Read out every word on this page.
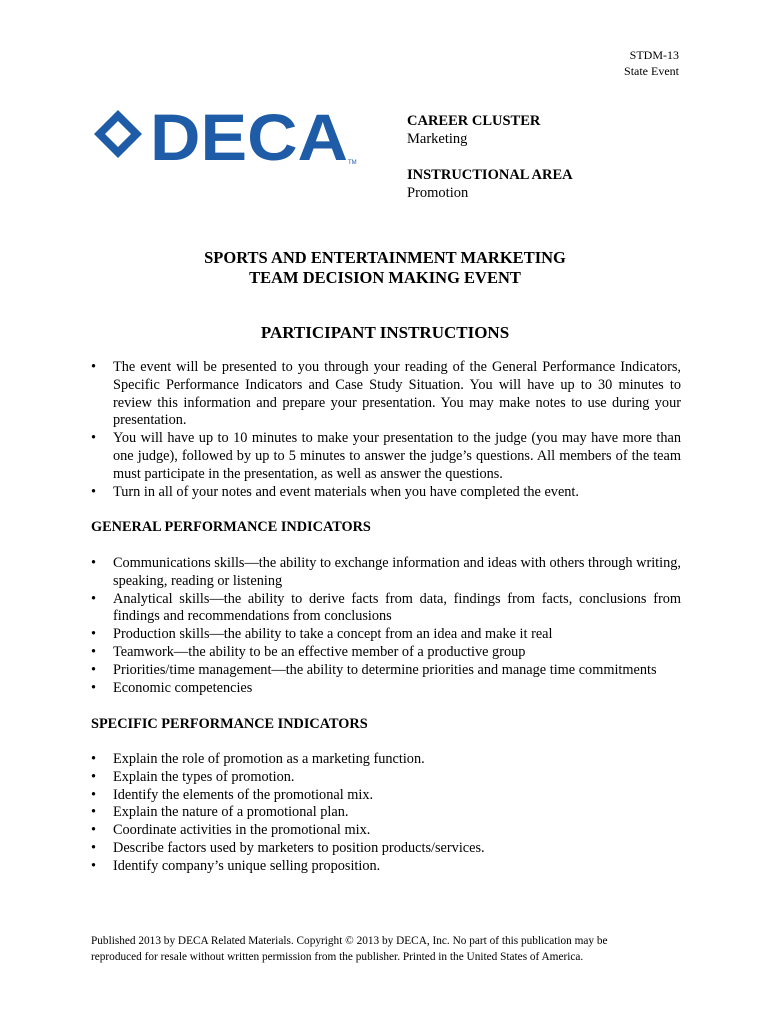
STDM-13
State Event
DECA TM
CAREER CLUSTER
Marketing
INSTRUCTIONAL AREA
Promotion
SPORTS AND ENTERTAINMENT MARKETING
TEAM DECISION MAKING EVENT
PARTICIPANT INSTRUCTIONS
• The event will be presented to you through your reading of the General Performance Indicators, Specific Performance Indicators and Case Study Situation. You will have up to 30 minutes to review this information and prepare your presentation. You may make notes to use during your presentation.
• You will have up to 10 minutes to make your presentation to the judge (you may have more than one judge), followed by up to 5 minutes to answer the judge’s questions. All members of the team must participate in the presentation, as well as answer the questions.
• Turn in all of your notes and event materials when you have completed the event.
GENERAL PERFORMANCE INDICATORS
• Communications skills—the ability to exchange information and ideas with others through writing, speaking, reading or listening
• Analytical skills—the ability to derive facts from data, findings from facts, conclusions from findings and recommendations from conclusions
• Production skills—the ability to take a concept from an idea and make it real
• Teamwork—the ability to be an effective member of a productive group
• Priorities/time management—the ability to determine priorities and manage time commitments
• Economic competencies
SPECIFIC PERFORMANCE INDICATORS
• Explain the role of promotion as a marketing function.
• Explain the types of promotion.
• Identify the elements of the promotional mix.
• Explain the nature of a promotional plan.
• Coordinate activities in the promotional mix.
• Describe factors used by marketers to position products/services.
• Identify company’s unique selling proposition.
Published 2013 by DECA Related Materials. Copyright © 2013 by DECA, Inc. No part of this publication may be
reproduced for resale without written permission from the publisher. Printed in the United States of America.
